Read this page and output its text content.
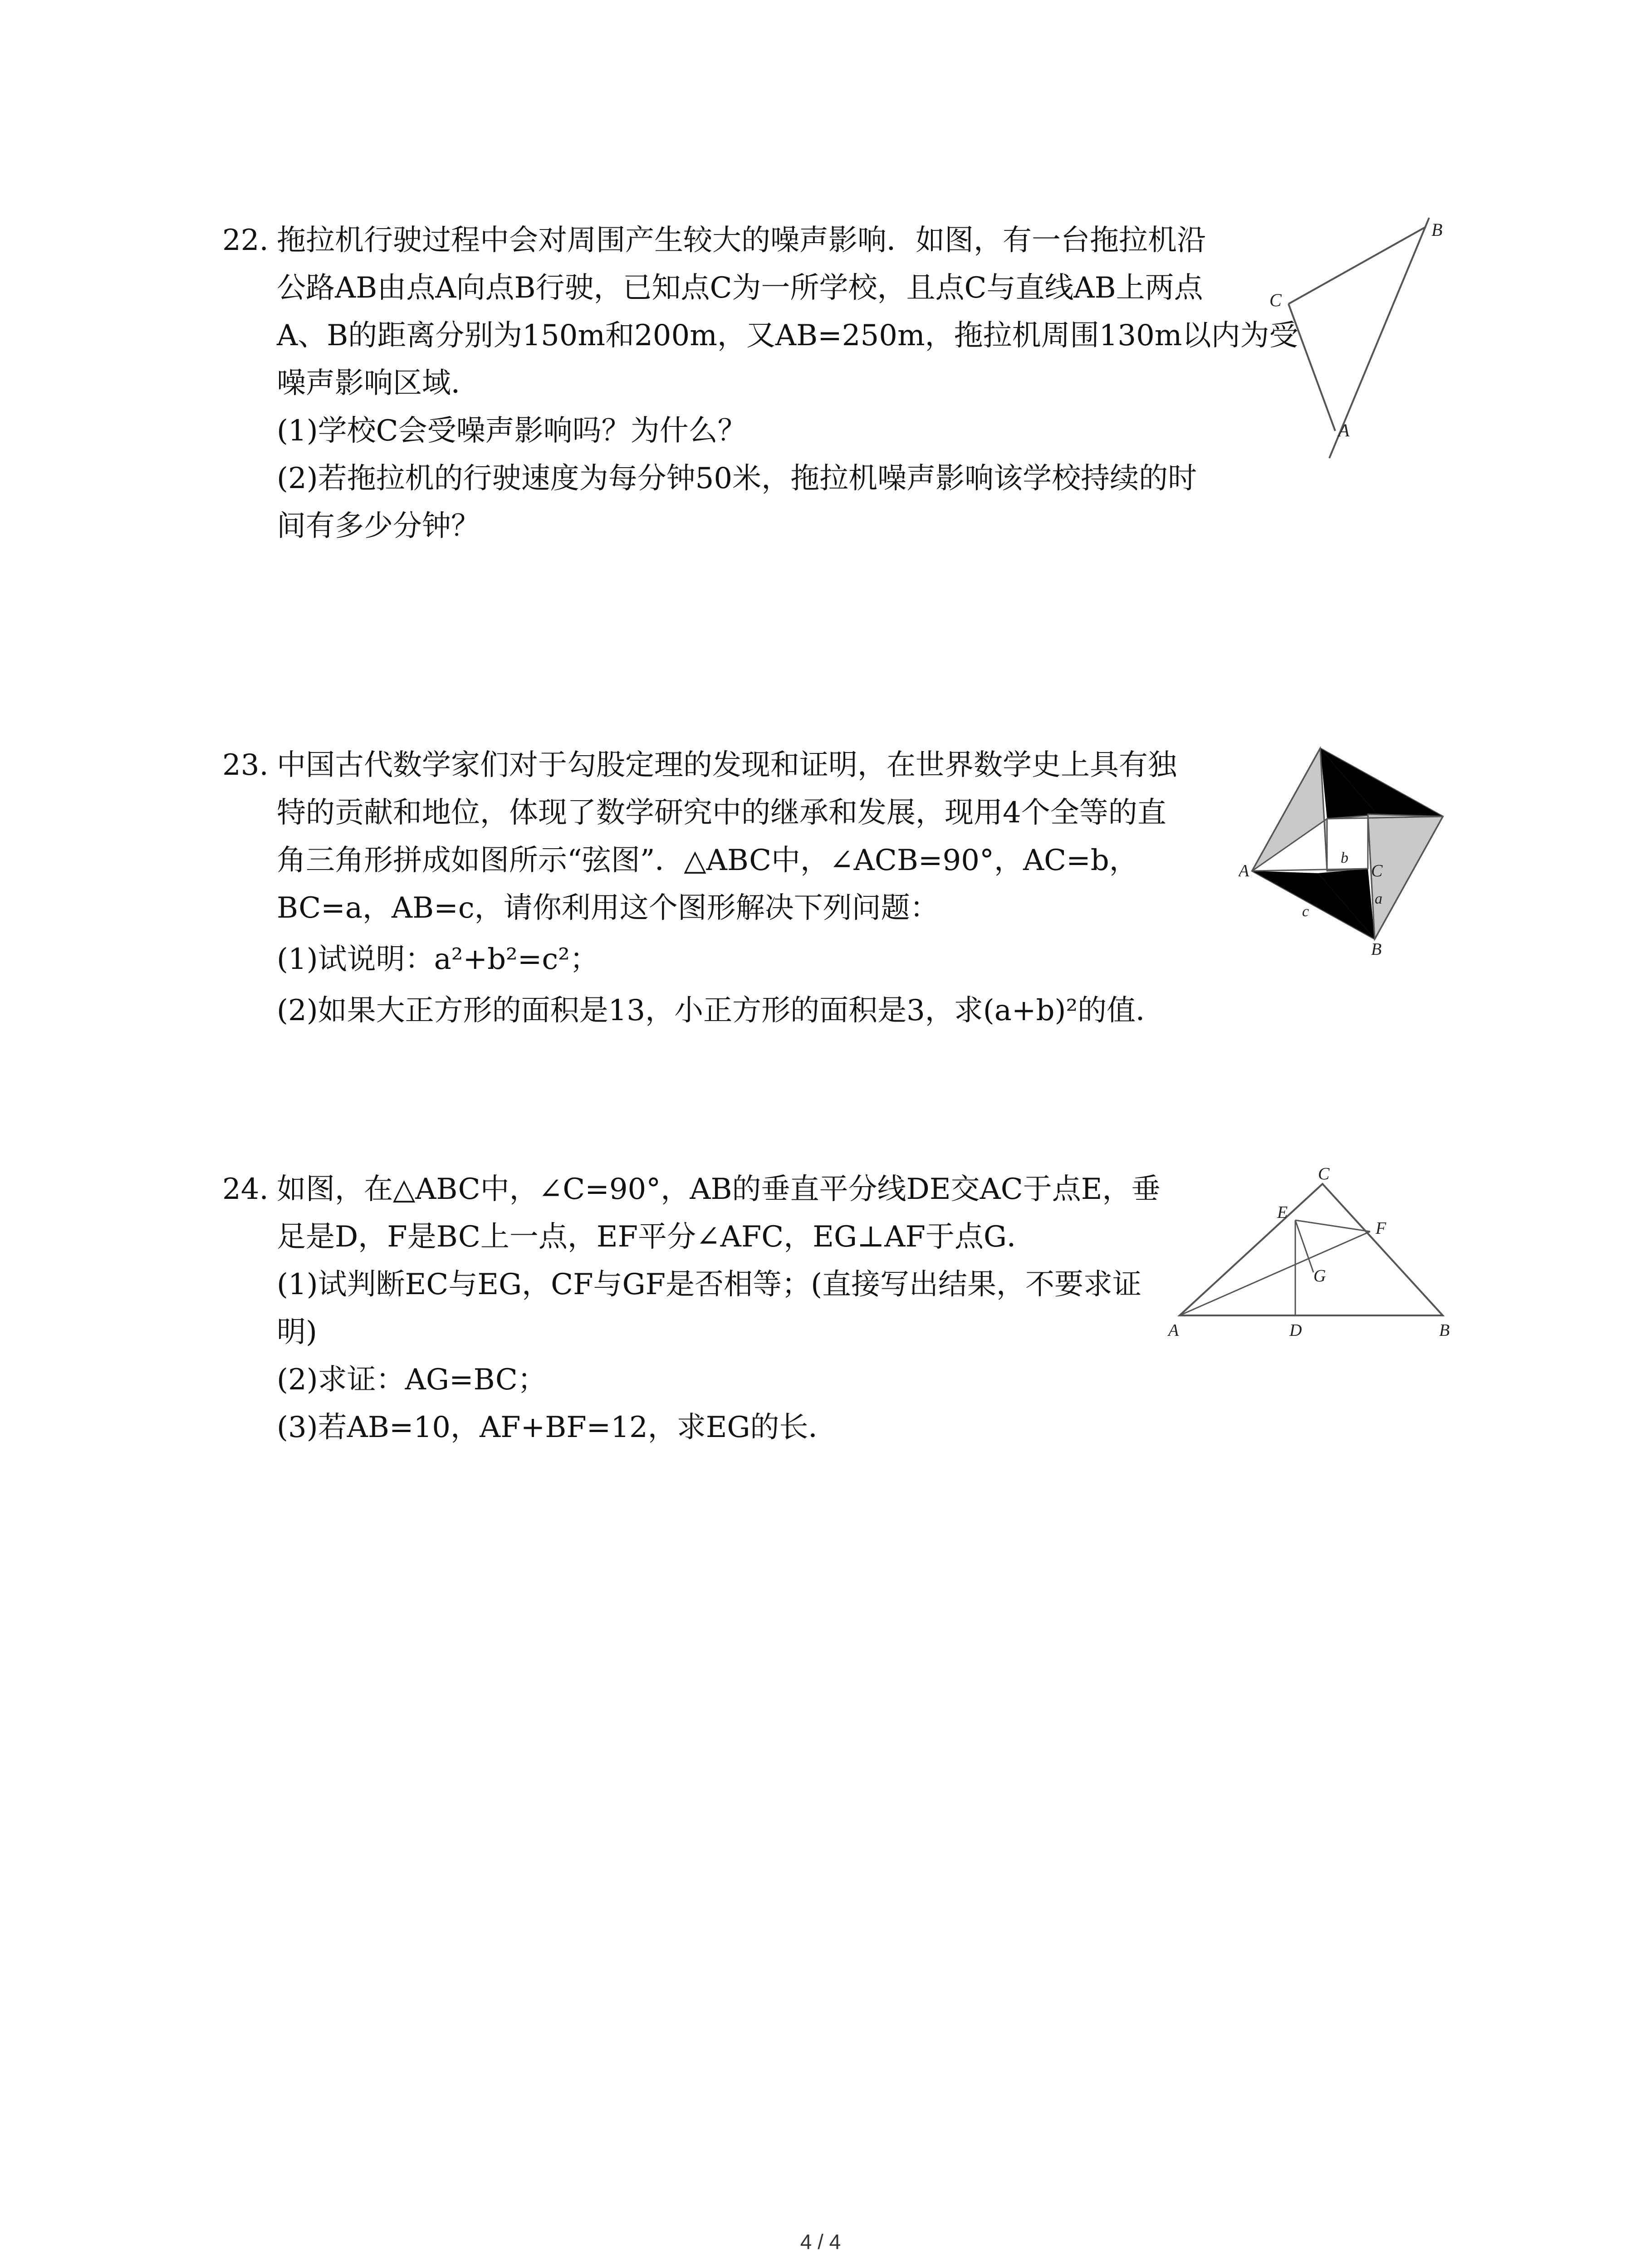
22. 拖拉机行驶过程中会对周围产生较大的噪声影响．如图，有一台拖拉机沿
公路AB由点A向点B行驶，已知点C为一所学校，且点C与直线AB上两点
A、B的距离分别为150m和200m，又AB=250m，拖拉机周围130m以内为受
噪声影响区域．
(1)学校C会受噪声影响吗？为什么？
(2)若拖拉机的行驶速度为每分钟50米，拖拉机噪声影响该学校持续的时
间有多少分钟？
B
C
A
23. 中国古代数学家们对于勾股定理的发现和证明，在世界数学史上具有独
特的贡献和地位，体现了数学研究中的继承和发展，现用4个全等的直
角三角形拼成如图所示“弦图”．△ABC中，∠ACB=90°，AC=b，
BC=a，AB=c，请你利用这个图形解决下列问题：
(1)试说明：a²+b²=c²；
(2)如果大正方形的面积是13，小正方形的面积是3，求(a+b)²的值．
A
b
C
a
c
B
24. 如图，在△ABC中，∠C=90°，AB的垂直平分线DE交AC于点E，垂
足是D，F是BC上一点，EF平分∠AFC，EG⊥AF于点G．
(1)试判断EC与EG，CF与GF是否相等；(直接写出结果，不要求证
明)
(2)求证：AG=BC；
(3)若AB=10，AF+BF=12，求EG的长．
C
E
F
G
A	D	B
4 / 4
